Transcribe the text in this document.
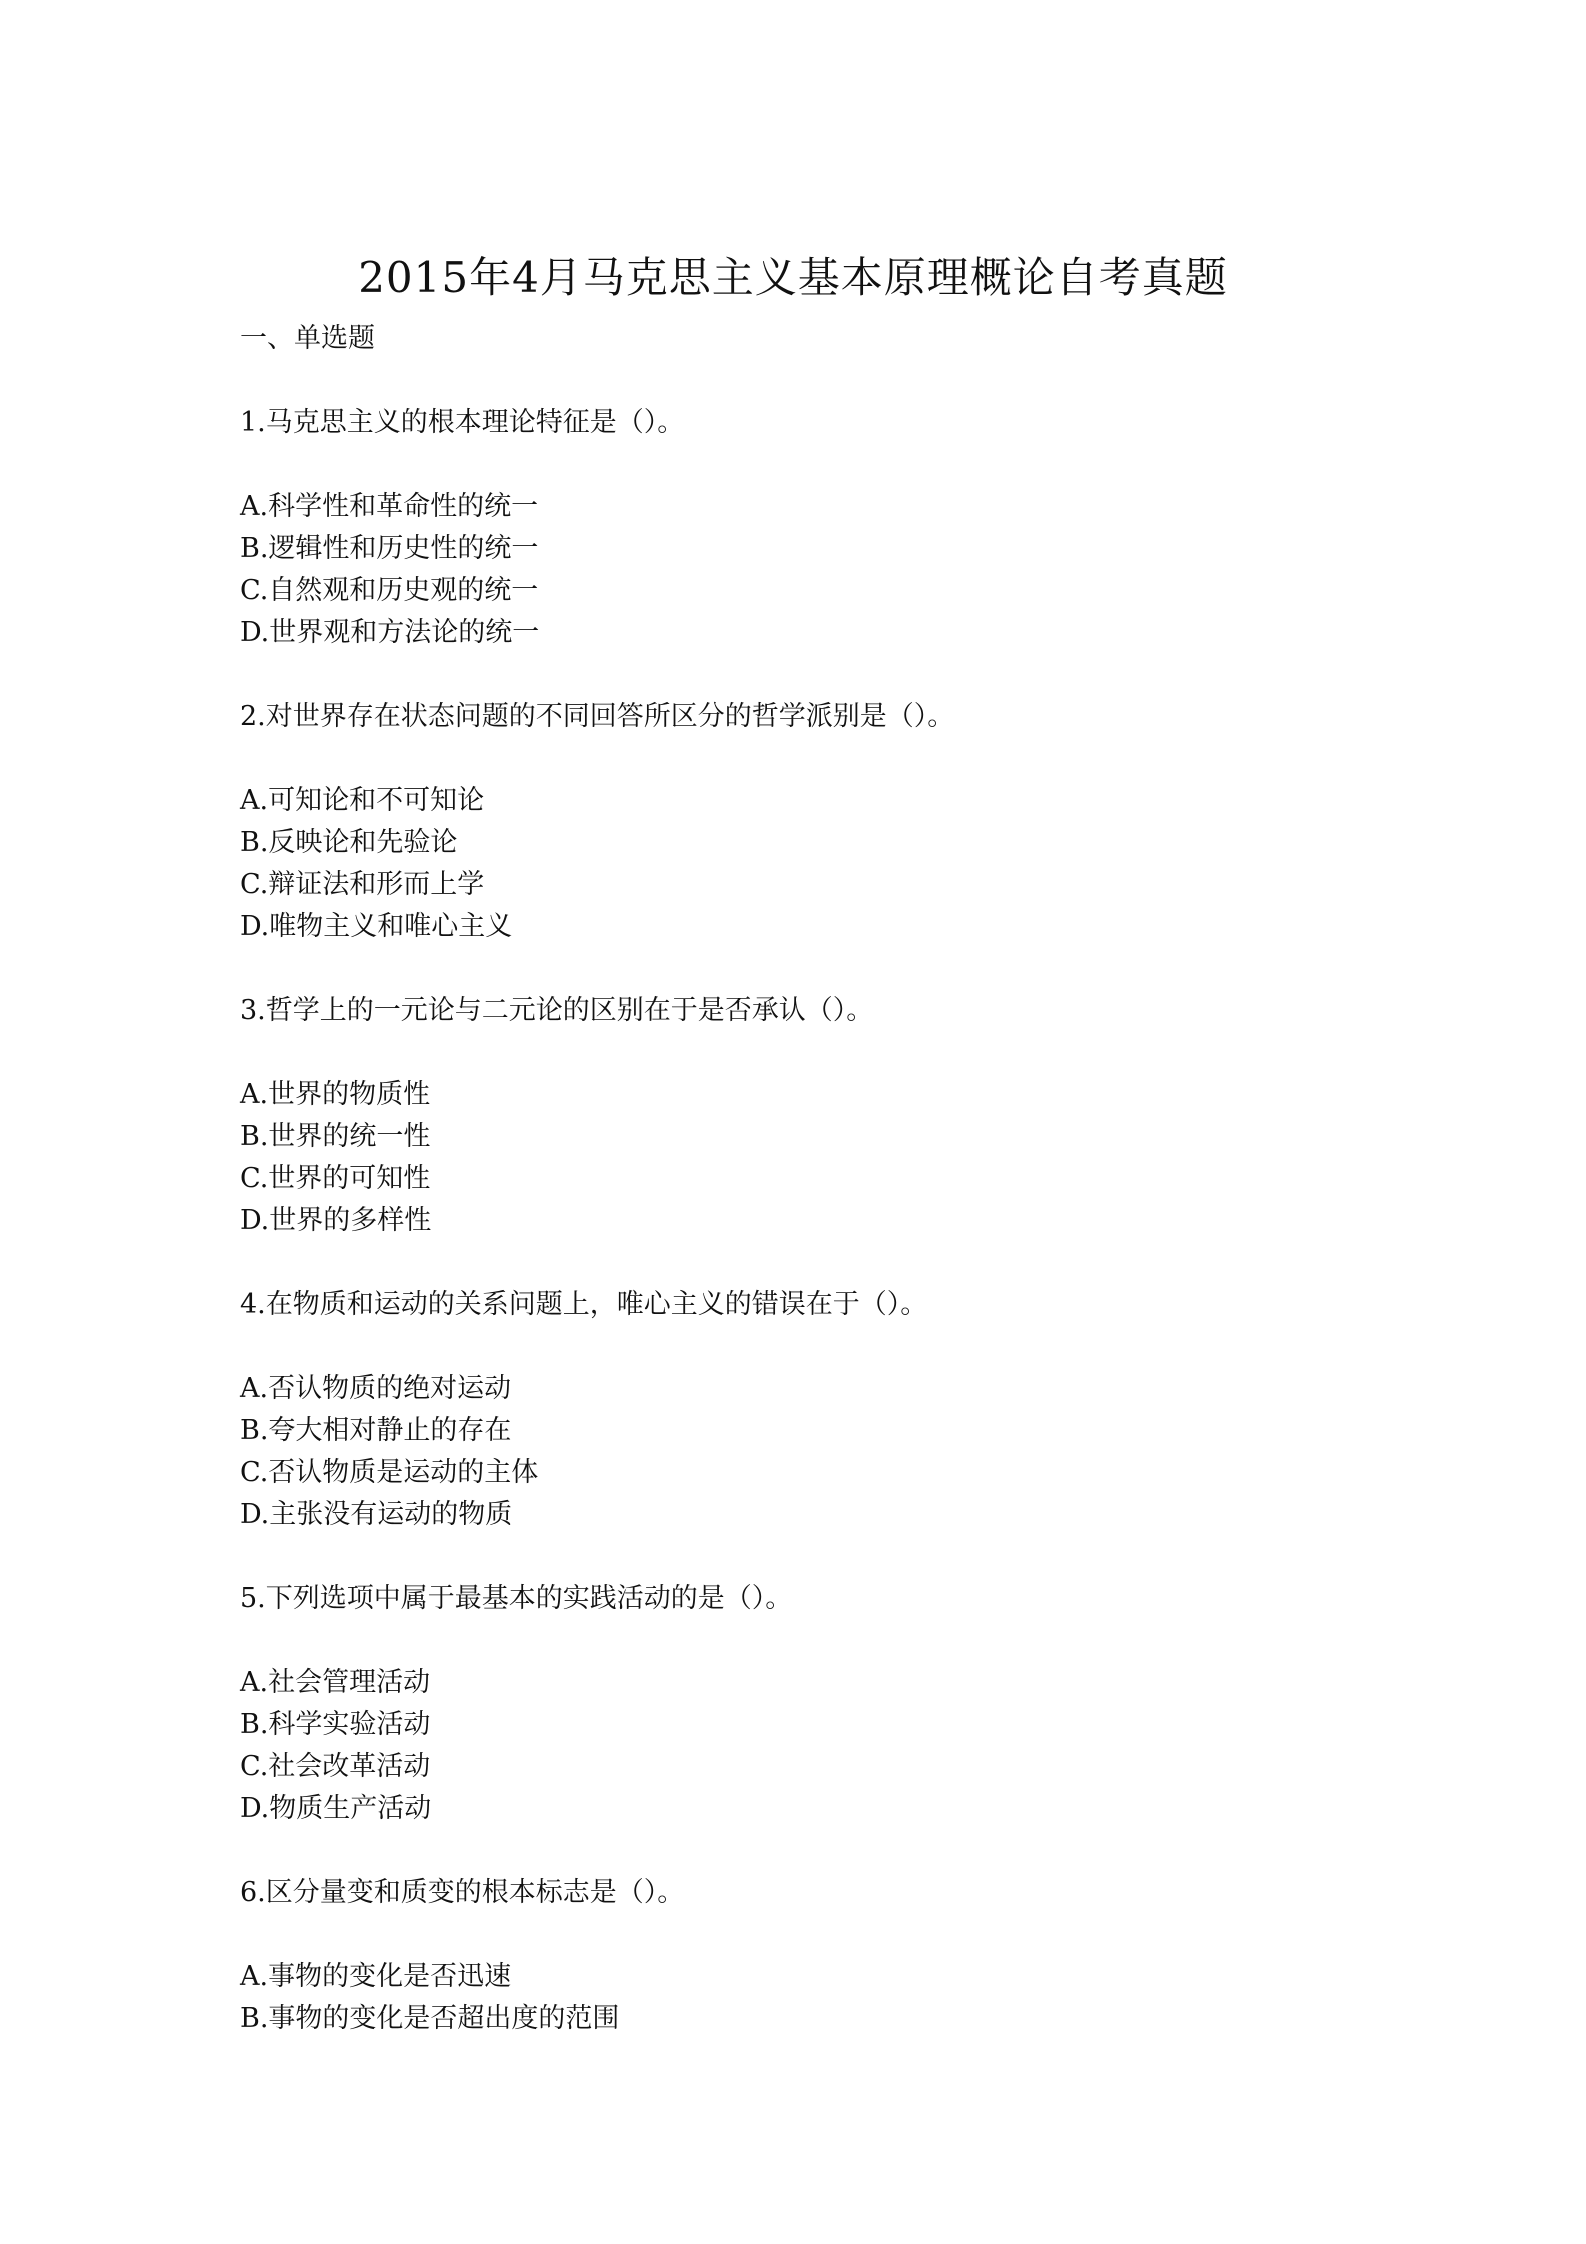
2015年4月马克思主义基本原理概论自考真题
一、单选题
1.马克思主义的根本理论特征是（）。
A.科学性和革命性的统一
B.逻辑性和历史性的统一
C.自然观和历史观的统一
D.世界观和方法论的统一
2.对世界存在状态问题的不同回答所区分的哲学派别是（）。
A.可知论和不可知论
B.反映论和先验论
C.辩证法和形而上学
D.唯物主义和唯心主义
3.哲学上的一元论与二元论的区别在于是否承认（）。
A.世界的物质性
B.世界的统一性
C.世界的可知性
D.世界的多样性
4.在物质和运动的关系问题上，唯心主义的错误在于（）。
A.否认物质的绝对运动
B.夸大相对静止的存在
C.否认物质是运动的主体
D.主张没有运动的物质
5.下列选项中属于最基本的实践活动的是（）。
A.社会管理活动
B.科学实验活动
C.社会改革活动
D.物质生产活动
6.区分量变和质变的根本标志是（）。
A.事物的变化是否迅速
B.事物的变化是否超出度的范围
